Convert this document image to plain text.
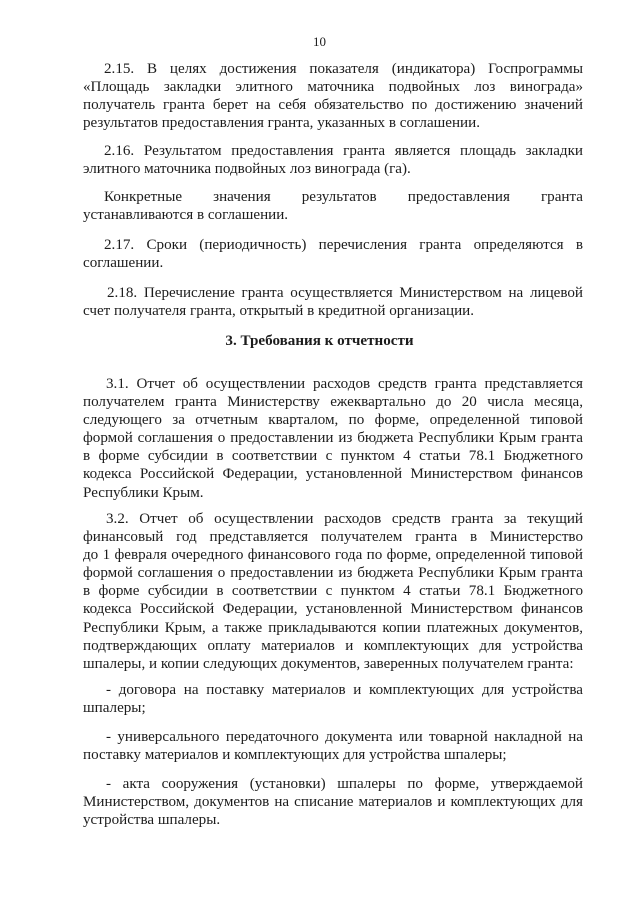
10

2.15. В целях достижения показателя (индикатора) Госпрограммы
«Площадь закладки элитного маточника подвойных лоз винограда»
получатель гранта берет на себя обязательство по достижению значений
результатов предоставления гранта, указанных в соглашении.

2.16. Результатом предоставления гранта является площадь закладки
элитного маточника подвойных лоз винограда (га).

Конкретные значения результатов предоставления гранта
устанавливаются в соглашении.

2.17. Сроки (периодичность) перечисления гранта определяются в
соглашении.

2.18. Перечисление гранта осуществляется Министерством на лицевой
счет получателя гранта, открытый в кредитной организации.

3. Требования к отчетности

3.1. Отчет об осуществлении расходов средств гранта представляется
получателем гранта Министерству ежеквартально до 20 числа месяца,
следующего за отчетным кварталом, по форме, определенной типовой
формой соглашения о предоставлении из бюджета Республики Крым гранта
в форме субсидии в соответствии с пунктом 4 статьи 78.1 Бюджетного
кодекса Российской Федерации, установленной Министерством финансов
Республики Крым.

3.2. Отчет об осуществлении расходов средств гранта за текущий
финансовый год представляется получателем гранта в Министерство
до 1 февраля очередного финансового года по форме, определенной типовой
формой соглашения о предоставлении из бюджета Республики Крым гранта
в форме субсидии в соответствии с пунктом 4 статьи 78.1 Бюджетного
кодекса Российской Федерации, установленной Министерством финансов
Республики Крым, а также прикладываются копии платежных документов,
подтверждающих оплату материалов и комплектующих для устройства
шпалеры, и копии следующих документов, заверенных получателем гранта:

- договора на поставку материалов и комплектующих для устройства
шпалеры;

- универсального передаточного документа или товарной накладной на
поставку материалов и комплектующих для устройства шпалеры;

- акта сооружения (установки) шпалеры по форме, утверждаемой
Министерством, документов на списание материалов и комплектующих для
устройства шпалеры.
